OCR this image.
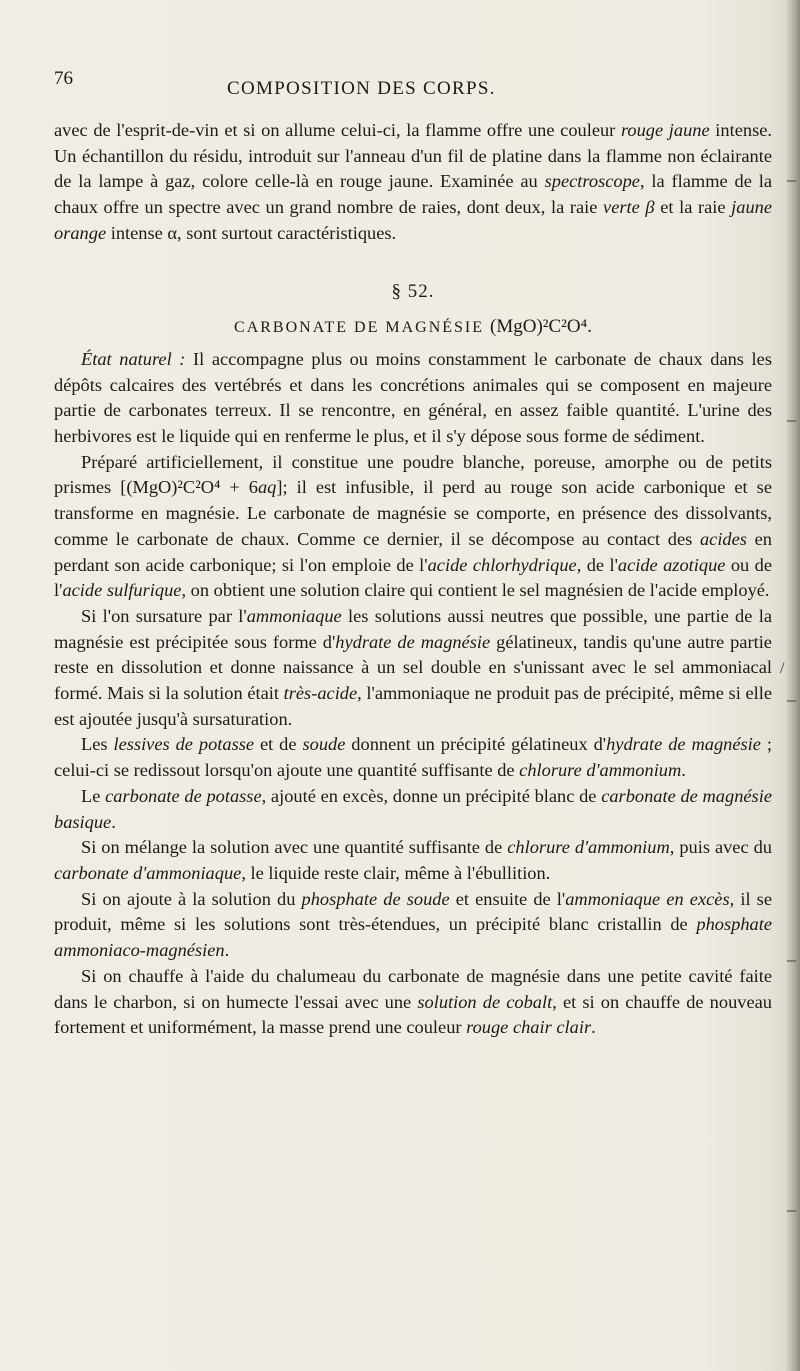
76	COMPOSITION DES CORPS.

avec de l'esprit-de-vin et si on allume celui-ci, la flamme offre une couleur rouge jaune intense. Un échantillon du résidu, introduit sur l'anneau d'un fil de platine dans la flamme non éclairante de la lampe à gaz, colore celle-là en rouge jaune. Examinée au spectroscope, la flamme de la chaux offre un spectre avec un grand nombre de raies, dont deux, la raie verte β et la raie jaune orange intense α, sont surtout caractéristiques.

§ 52.
CARBONATE DE MAGNÉSIE (MgO)²C²O⁴.

État naturel : Il accompagne plus ou moins constamment le carbonate de chaux dans les dépôts calcaires des vertébrés et dans les concrétions animales qui se composent en majeure partie de carbonates terreux. Il se rencontre, en général, en assez faible quantité. L'urine des herbivores est le liquide qui en renferme le plus, et il s'y dépose sous forme de sédiment.

Préparé artificiellement, il constitue une poudre blanche, poreuse, amorphe ou de petits prismes [(MgO)²C²O⁴ + 6aq]; il est infusible, il perd au rouge son acide carbonique et se transforme en magnésie. Le carbonate de magnésie se comporte, en présence des dissolvants, comme le carbonate de chaux. Comme ce dernier, il se décompose au contact des acides en perdant son acide carbonique; si l'on emploie de l'acide chlorhydrique, de l'acide azotique ou de l'acide sulfurique, on obtient une solution claire qui contient le sel magnésien de l'acide employé.

Si l'on sursature par l'ammoniaque les solutions aussi neutres que possible, une partie de la magnésie est précipitée sous forme d'hydrate de magnésie gélatineux, tandis qu'une autre partie reste en dissolution et donne naissance à un sel double en s'unissant avec le sel ammoniacal formé. Mais si la solution était très-acide, l'ammoniaque ne produit pas de précipité, même si elle est ajoutée jusqu'à sursaturation.

Les lessives de potasse et de soude donnent un précipité gélatineux d'hydrate de magnésie ; celui-ci se redissout lorsqu'on ajoute une quantité suffisante de chlorure d'ammonium.

Le carbonate de potasse, ajouté en excès, donne un précipité blanc de carbonate de magnésie basique.

Si on mélange la solution avec une quantité suffisante de chlorure d'ammonium, puis avec du carbonate d'ammoniaque, le liquide reste clair, même à l'ébullition.

Si on ajoute à la solution du phosphate de soude et ensuite de l'ammoniaque en excès, il se produit, même si les solutions sont très-étendues, un précipité blanc cristallin de phosphate ammoniaco-magnésien.

Si on chauffe à l'aide du chalumeau du carbonate de magnésie dans une petite cavité faite dans le charbon, si on humecte l'essai avec une solution de cobalt, et si on chauffe de nouveau fortement et uniformément, la masse prend une couleur rouge chair clair.

/
